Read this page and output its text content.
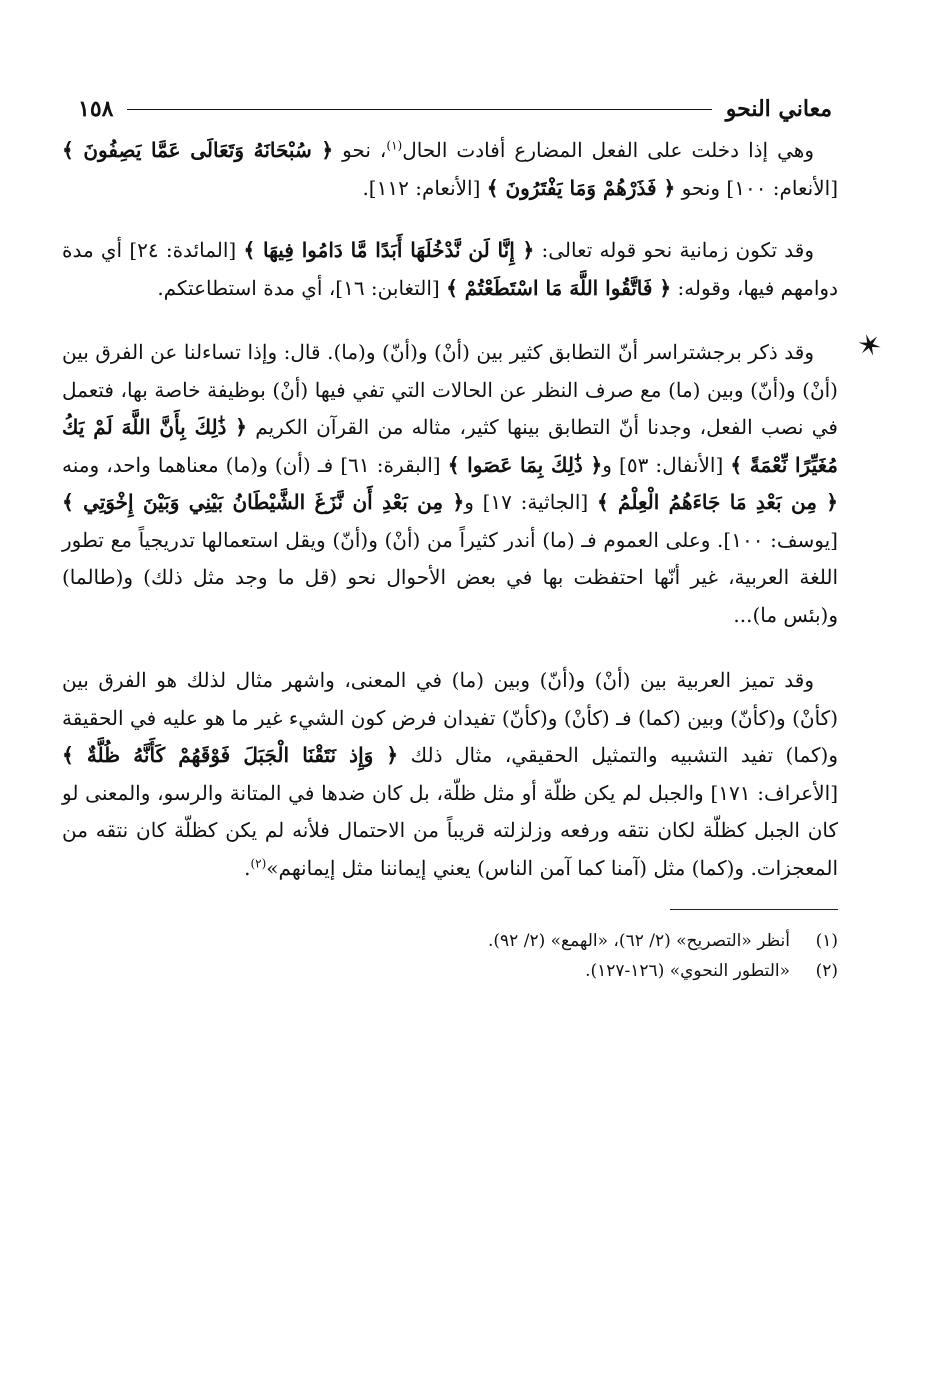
معاني النحو
١٥٨

وهي إذا دخلت على الفعل المضارع أفادت الحال$^{(١)}$، نحو ﴿ سُبْحَانَهُ وَتَعَالَى عَمَّا يَصِفُونَ ﴾ [الأنعام: ١٠٠] ونحو ﴿ فَذَرْهُمْ وَمَا يَفْتَرُونَ ﴾ [الأنعام: ١١٢].

وقد تكون زمانية نحو قوله تعالى: ﴿ إِنَّا لَن نَّدْخُلَهَا أَبَدًا مَّا دَامُوا فِيهَا ﴾ [المائدة: ٢٤] أي مدة دوامهم فيها، وقوله: ﴿ فَاتَّقُوا اللَّهَ مَا اسْتَطَعْتُمْ ﴾ [التغابن: ١٦]، أي مدة استطاعتكم.

✶
وقد ذكر برجشتراسر أنّ التطابق كثير بين (أنْ) و(أنّ) و(ما). قال: وإذا تساءلنا عن الفرق بين (أنْ) و(أنّ) وبين (ما) مع صرف النظر عن الحالات التي تفي فيها (أنْ) بوظيفة خاصة بها، فتعمل في نصب الفعل، وجدنا أنّ التطابق بينها كثير، مثاله من القرآن الكريم ﴿ ذَٰلِكَ بِأَنَّ اللَّهَ لَمْ يَكُ مُغَيِّرًا نِّعْمَةً ﴾ [الأنفال: ٥٣] و﴿ ذَٰلِكَ بِمَا عَصَوا ﴾ [البقرة: ٦١] فـ (أن) و(ما) معناهما واحد، ومنه ﴿ مِن بَعْدِ مَا جَاءَهُمُ الْعِلْمُ ﴾ [الجاثية: ١٧] و﴿ مِن بَعْدِ أَن نَّزَغَ الشَّيْطَانُ بَيْنِي وَبَيْنَ إِخْوَتِي ﴾ [يوسف: ١٠٠]. وعلى العموم فـ (ما) أندر كثيراً من (أنْ) و(أنّ) ويقل استعمالها تدريجياً مع تطور اللغة العربية، غير أنّها احتفظت بها في بعض الأحوال نحو (قل ما وجد مثل ذلك) و(طالما) و(بئس ما)...

وقد تميز العربية بين (أنْ) و(أنّ) وبين (ما) في المعنى، واشهر مثال لذلك هو الفرق بين (كأنْ) و(كأنّ) وبين (كما) فـ (كأنْ) و(كأنّ) تفيدان فرض كون الشيء غير ما هو عليه في الحقيقة و(كما) تفيد التشبيه والتمثيل الحقيقي، مثال ذلك ﴿ وَإِذ نَتَقْنَا الْجَبَلَ فَوْقَهُمْ كَأَنَّهُ ظُلَّةٌ ﴾ [الأعراف: ١٧١] والجبل لم يكن ظلّة أو مثل ظلّة، بل كان ضدها في المتانة والرسو، والمعنى لو كان الجبل كظلّة لكان نتقه ورفعه وزلزلته قريباً من الاحتمال فلأنه لم يكن كظلّة كان نتقه من المعجزات. و(كما) مثل (آمنا كما آمن الناس) يعني إيماننا مثل إيمانهم»$^{(٢)}$.

(١)
أنظر «التصريح» (٢/ ٦٢)، «الهمع» (٢/ ٩٢).
(٢)
«التطور النحوي» (١٢٦-١٢٧).
